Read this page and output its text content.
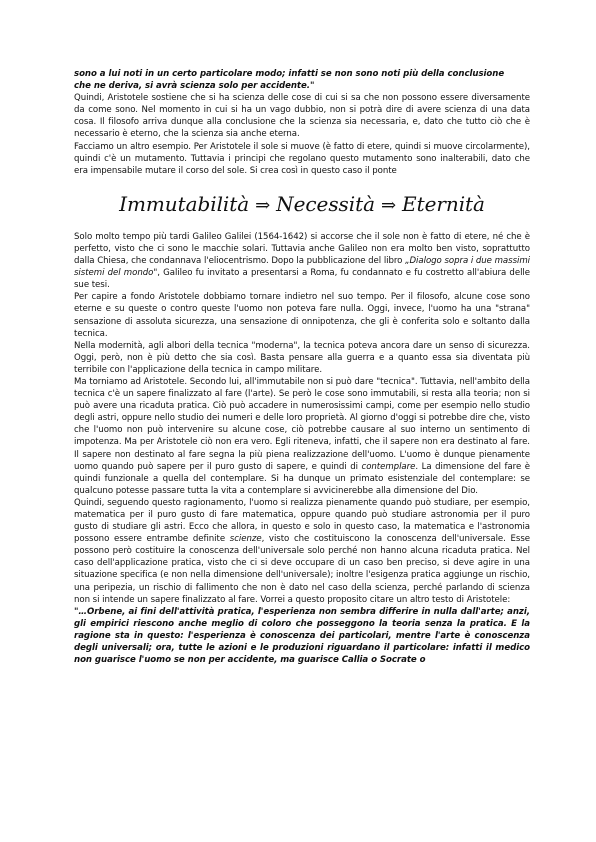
sono a lui noti in un certo particolare modo; infatti se non sono noti più della conclusione
che ne deriva, si avrà scienza solo per accidente."

Quindi, Aristotele sostiene che si ha scienza delle cose di cui si sa che non possono essere diversamente da come sono. Nel momento in cui si ha un vago dubbio, non si potrà dire di avere scienza di una data cosa. Il filosofo arriva dunque alla conclusione che la scienza sia necessaria, e, dato che tutto ciò che è necessario è eterno, che la scienza sia anche eterna.

Facciamo un altro esempio. Per Aristotele il sole si muove (è fatto di etere, quindi si muove circolarmente), quindi c'è un mutamento. Tuttavia i principi che regolano questo mutamento sono inalterabili, dato che era impensabile mutare il corso del sole. Si crea così in questo caso il ponte

Immutabilità ⇒ Necessità ⇒ Eternità

Solo molto tempo più tardi Galileo Galilei (1564-1642) si accorse che il sole non è fatto di etere, né che è perfetto, visto che ci sono le macchie solari. Tuttavia anche Galileo non era molto ben visto, soprattutto dalla Chiesa, che condannava l'eliocentrismo. Dopo la pubblicazione del libro „Dialogo sopra i due massimi sistemi del mondo", Galileo fu invitato a presentarsi a Roma, fu condannato e fu costretto all'abiura delle sue tesi.

Per capire a fondo Aristotele dobbiamo tornare indietro nel suo tempo. Per il filosofo, alcune cose sono eterne e su queste o contro queste l'uomo non poteva fare nulla. Oggi, invece, l'uomo ha una "strana" sensazione di assoluta sicurezza, una sensazione di onnipotenza, che gli è conferita solo e soltanto dalla tecnica.

Nella modernità, agli albori della tecnica "moderna", la tecnica poteva ancora dare un senso di sicurezza. Oggi, però, non è più detto che sia così. Basta pensare alla guerra e a quanto essa sia diventata più terribile con l'applicazione della tecnica in campo militare.

Ma torniamo ad Aristotele. Secondo lui, all'immutabile non si può dare "tecnica". Tuttavia, nell'ambito della tecnica c'è un sapere finalizzato al fare (l'arte). Se però le cose sono immutabili, si resta alla teoria; non si può avere una ricaduta pratica. Ciò può accadere in numerosissimi campi, come per esempio nello studio degli astri, oppure nello studio dei numeri e delle loro proprietà. Al giorno d'oggi si potrebbe dire che, visto che l'uomo non può intervenire su alcune cose, ciò potrebbe causare al suo interno un sentimento di impotenza. Ma per Aristotele ciò non era vero. Egli riteneva, infatti, che il sapere non era destinato al fare. Il sapere non destinato al fare segna la più piena realizzazione dell'uomo. L'uomo è dunque pienamente uomo quando può sapere per il puro gusto di sapere, e quindi di contemplare. La dimensione del fare è quindi funzionale a quella del contemplare. Si ha dunque un primato esistenziale del contemplare: se qualcuno potesse passare tutta la vita a contemplare si avvicinerebbe alla dimensione del Dio.

Quindi, seguendo questo ragionamento, l'uomo si realizza pienamente quando può studiare, per esempio, matematica per il puro gusto di fare matematica, oppure quando può studiare astronomia per il puro gusto di studiare gli astri. Ecco che allora, in questo e solo in questo caso, la matematica e l'astronomia possono essere entrambe definite scienze, visto che costituiscono la conoscenza dell'universale. Esse possono però costituire la conoscenza dell'universale solo perché non hanno alcuna ricaduta pratica. Nel caso dell'applicazione pratica, visto che ci si deve occupare di un caso ben preciso, si deve agire in una situazione specifica (e non nella dimensione dell'universale); inoltre l'esigenza pratica aggiunge un rischio, una peripezia, un rischio di fallimento che non è dato nel caso della scienza, perché parlando di scienza non si intende un sapere finalizzato al fare. Vorrei a questo proposito citare un altro testo di Aristotele:

"…Orbene, ai fini dell'attività pratica, l'esperienza non sembra differire in nulla dall'arte; anzi, gli empirici riescono anche meglio di coloro che posseggono la teoria senza la pratica. E la ragione sta in questo: l'esperienza è conoscenza dei particolari, mentre l'arte è conoscenza degli universali; ora, tutte le azioni e le produzioni riguardano il particolare: infatti il medico non guarisce l'uomo se non per accidente, ma guarisce Callia o Socrate o
